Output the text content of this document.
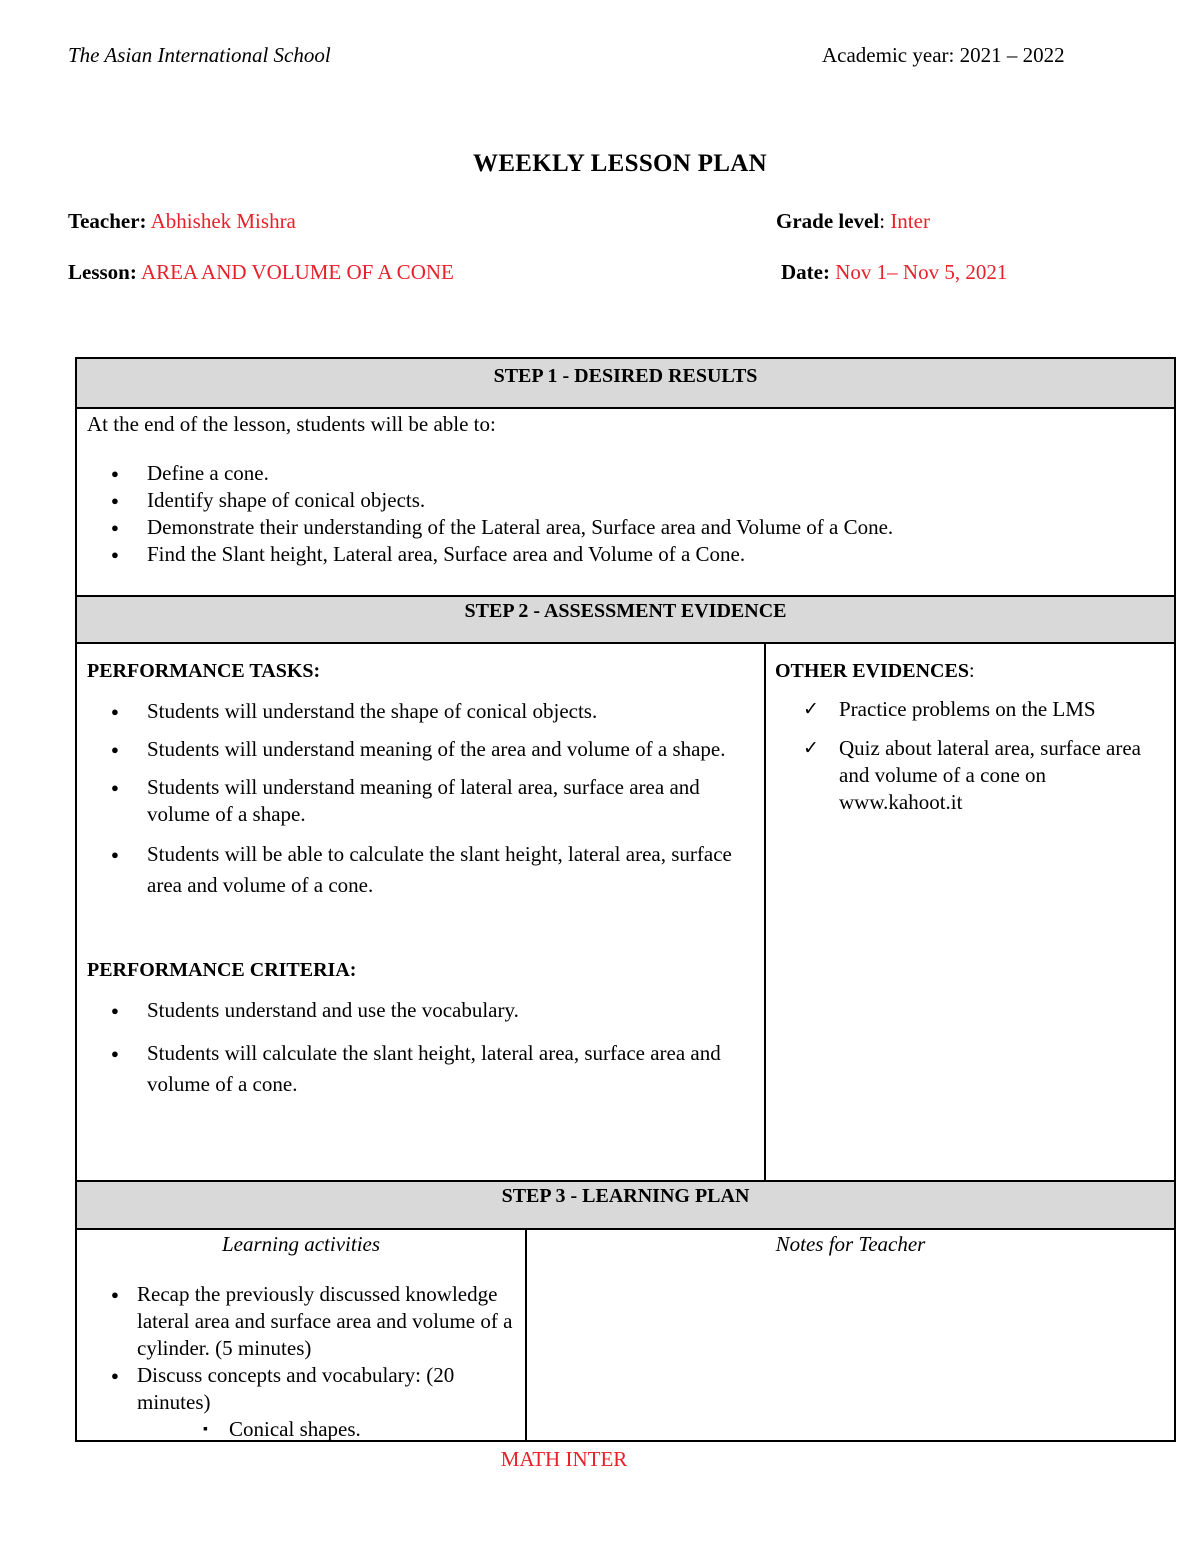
The Asian International School	Academic year: 2021 – 2022
WEEKLY LESSON PLAN
Teacher: Abhishek Mishra	Grade level: Inter
Lesson: AREA AND VOLUME OF A CONE	Date: Nov 1– Nov 5, 2021
STEP 1 - DESIRED RESULTS
At the end of the lesson, students will be able to:
● Define a cone.
● Identify shape of conical objects.
● Demonstrate their understanding of the Lateral area, Surface area and Volume of a Cone.
● Find the Slant height, Lateral area, Surface area and Volume of a Cone.
STEP 2 - ASSESSMENT EVIDENCE
PERFORMANCE TASKS:
● Students will understand the shape of conical objects.
● Students will understand meaning of the area and volume of a shape.
● Students will understand meaning of lateral area, surface area and volume of a shape.
● Students will be able to calculate the slant height, lateral area, surface area and volume of a cone.
PERFORMANCE CRITERIA:
● Students understand and use the vocabulary.
● Students will calculate the slant height, lateral area, surface area and volume of a cone.
OTHER EVIDENCES:
✓ Practice problems on the LMS
✓ Quiz about lateral area, surface area and volume of a cone on www.kahoot.it
STEP 3 - LEARNING PLAN
Learning activities
● Recap the previously discussed knowledge lateral area and surface area and volume of a cylinder. (5 minutes)
● Discuss concepts and vocabulary: (20 minutes)
▪ Conical shapes.
Notes for Teacher
MATH INTER
